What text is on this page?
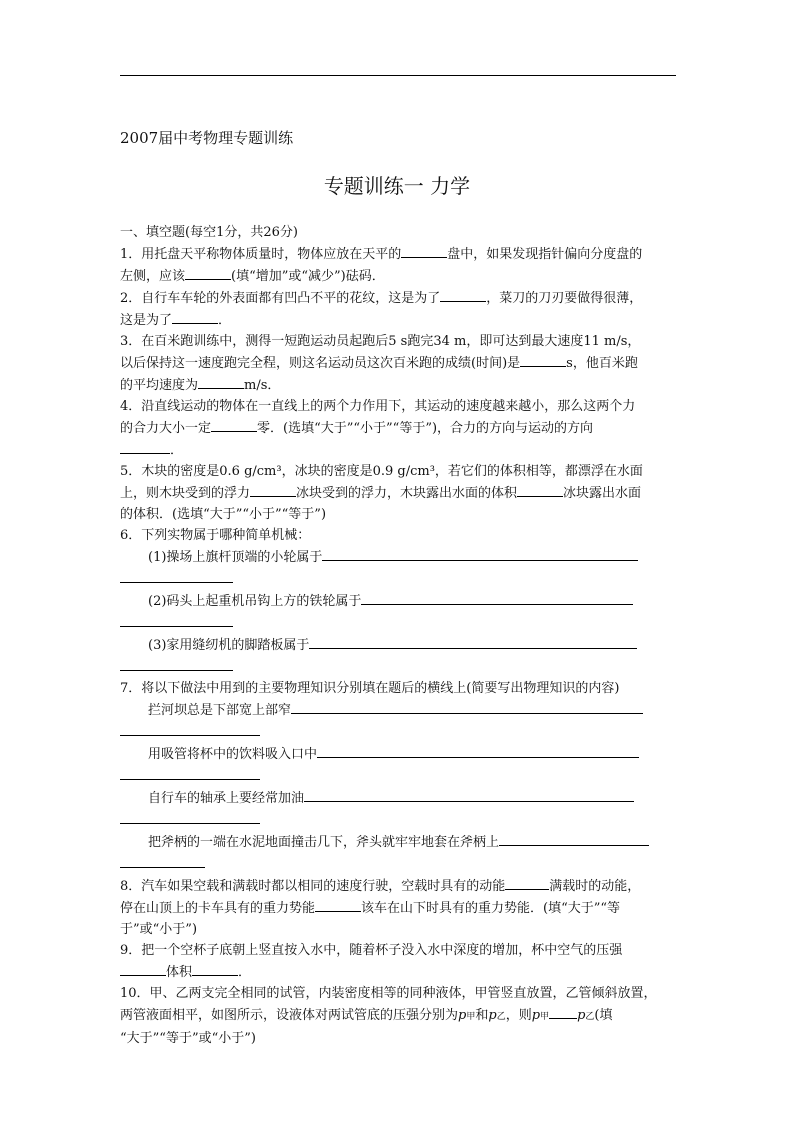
2007届中考物理专题训练
专题训练一 力学

一、填空题(每空1分，共26分)

1．用托盘天平称物体质量时，物体应放在天平的	盘中，如果发现指针偏向分度盘的

左侧，应该	(填“增加”或“减少”)砝码．

2．自行车车轮的外表面都有凹凸不平的花纹，这是为了	，菜刀的刀刃要做得很薄，

这是为了	．

3．在百米跑训练中，测得一短跑运动员起跑后5 s跑完34 m，即可达到最大速度11 m/s，

以后保持这一速度跑完全程，则这名运动员这次百米跑的成绩(时间)是	s，他百米跑

的平均速度为	m/s．

4．沿直线运动的物体在一直线上的两个力作用下，其运动的速度越来越小，那么这两个力

的合力大小一定	零．(选填“大于”“小于”“等于”)，合力的方向与运动的方向

．

5．木块的密度是0.6 g/cm³，冰块的密度是0.9 g/cm³，若它们的体积相等，都漂浮在水面

上，则木块受到的浮力	冰块受到的浮力，木块露出水面的体积	冰块露出水面

的体积．(选填“大于”“小于”“等于”)

6．下列实物属于哪种简单机械：

(1)操场上旗杆顶端的小轮属于

(2)码头上起重机吊钩上方的铁轮属于

(3)家用缝纫机的脚踏板属于

7．将以下做法中用到的主要物理知识分别填在题后的横线上(简要写出物理知识的内容)

拦河坝总是下部宽上部窄

用吸管将杯中的饮料吸入口中

自行车的轴承上要经常加油

把斧柄的一端在水泥地面撞击几下，斧头就牢牢地套在斧柄上

8．汽车如果空载和满载时都以相同的速度行驶，空载时具有的动能	满载时的动能，

停在山顶上的卡车具有的重力势能	该车在山下时具有的重力势能．(填“大于”“等

于”或“小于”)

9．把一个空杯子底朝上竖直按入水中，随着杯子没入水中深度的增加，杯中空气的压强

体积	．

10．甲、乙两支完全相同的试管，内装密度相等的同种液体，甲管竖直放置，乙管倾斜放置，

两管液面相平，如图所示，设液体对两试管底的压强分别为p甲和p乙，则p甲 p乙(填

“大于”“等于”或“小于”)
